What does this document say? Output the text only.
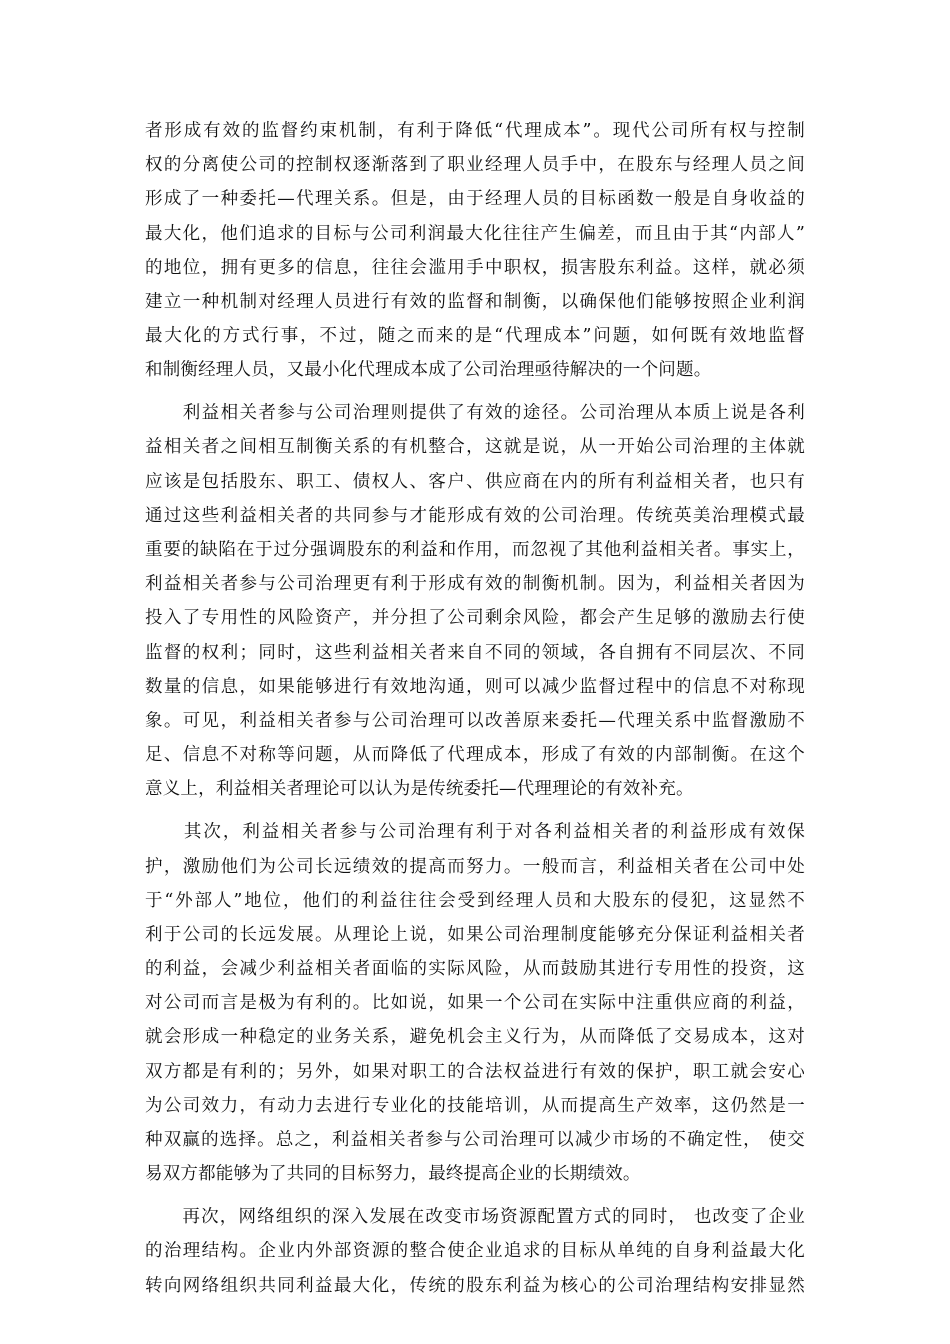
者形成有效的监督约束机制，有利于降低“代理成本”。现代公司所有权与控制
权的分离使公司的控制权逐渐落到了职业经理人员手中，在股东与经理人员之间
形成了一种委托—代理关系。但是，由于经理人员的目标函数一般是自身收益的
最大化，他们追求的目标与公司利润最大化往往产生偏差，而且由于其“内部人”
的地位，拥有更多的信息，往往会滥用手中职权，损害股东利益。这样，就必须
建立一种机制对经理人员进行有效的监督和制衡，以确保他们能够按照企业利润
最大化的方式行事，不过，随之而来的是“代理成本”问题，如何既有效地监督
和制衡经理人员，又最小化代理成本成了公司治理亟待解决的一个问题。
　　利益相关者参与公司治理则提供了有效的途径。公司治理从本质上说是各利
益相关者之间相互制衡关系的有机整合，这就是说，从一开始公司治理的主体就
应该是包括股东、职工、债权人、客户、供应商在内的所有利益相关者，也只有
通过这些利益相关者的共同参与才能形成有效的公司治理。传统英美治理模式最
重要的缺陷在于过分强调股东的利益和作用，而忽视了其他利益相关者。事实上，
利益相关者参与公司治理更有利于形成有效的制衡机制。因为，利益相关者因为
投入了专用性的风险资产，并分担了公司剩余风险，都会产生足够的激励去行使
监督的权利；同时，这些利益相关者来自不同的领域，各自拥有不同层次、不同
数量的信息，如果能够进行有效地沟通，则可以减少监督过程中的信息不对称现
象。可见，利益相关者参与公司治理可以改善原来委托—代理关系中监督激励不
足、信息不对称等问题，从而降低了代理成本，形成了有效的内部制衡。在这个
意义上，利益相关者理论可以认为是传统委托—代理理论的有效补充。
　　其次，利益相关者参与公司治理有利于对各利益相关者的利益形成有效保
护，激励他们为公司长远绩效的提高而努力。一般而言，利益相关者在公司中处
于“外部人”地位，他们的利益往往会受到经理人员和大股东的侵犯，这显然不
利于公司的长远发展。从理论上说，如果公司治理制度能够充分保证利益相关者
的利益，会减少利益相关者面临的实际风险，从而鼓励其进行专用性的投资，这
对公司而言是极为有利的。比如说，如果一个公司在实际中注重供应商的利益，
就会形成一种稳定的业务关系，避免机会主义行为，从而降低了交易成本，这对
双方都是有利的；另外，如果对职工的合法权益进行有效的保护，职工就会安心
为公司效力，有动力去进行专业化的技能培训，从而提高生产效率，这仍然是一
种双赢的选择。总之，利益相关者参与公司治理可以减少市场的不确定性， 使交
易双方都能够为了共同的目标努力，最终提高企业的长期绩效。
　　再次，网络组织的深入发展在改变市场资源配置方式的同时， 也改变了企业
的治理结构。企业内外部资源的整合使企业追求的目标从单纯的自身利益最大化
转向网络组织共同利益最大化，传统的股东利益为核心的公司治理结构安排显然
